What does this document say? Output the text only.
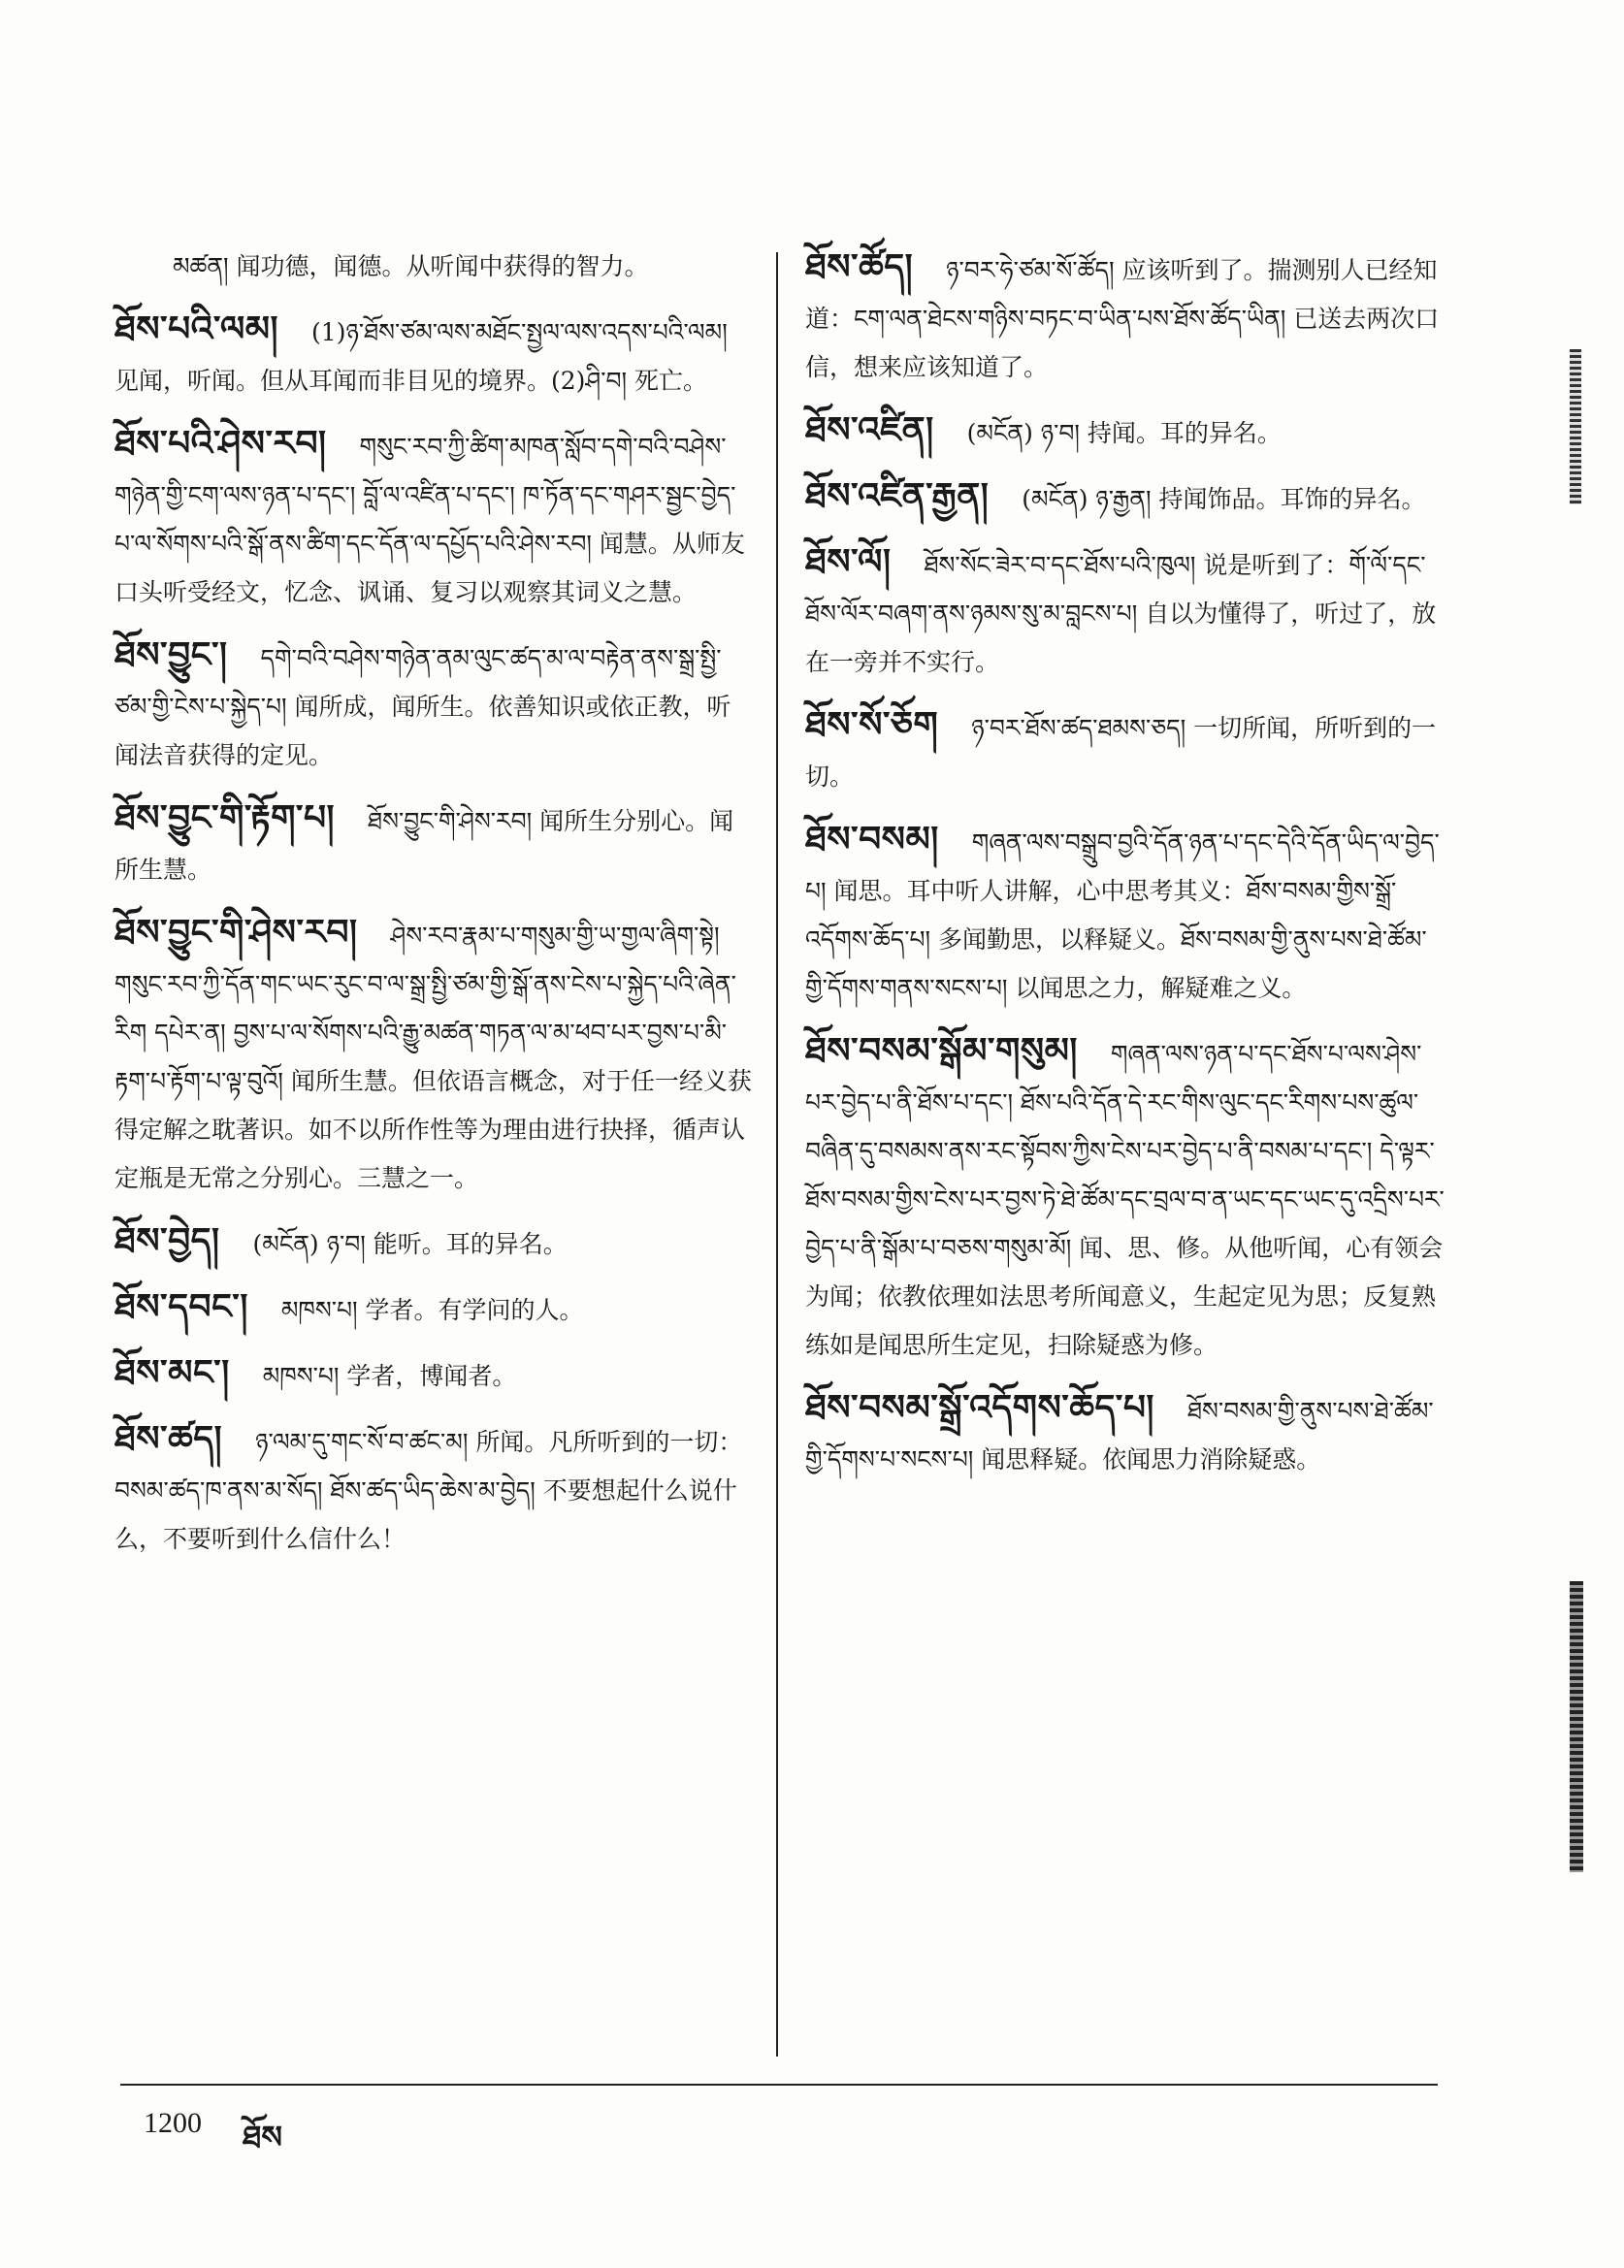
མཚན། 闻功德，闻德。从听闻中获得的智力。
ཐོས་པའི་ལམ། (1)ཉ་ཐོས་ཙམ་ལས་མཐོང་སྤྱལ་ལས་འདས་པའི་ལམ། 见闻，听闻。但从耳闻而非目见的境界。(2)ཤི་བ། 死亡。
ཐོས་པའི་ཤེས་རབ། གསུང་རབ་ཀྱི་ཚིག་མཁན་སློབ་དགེ་བའི་བཤེས་གཉེན་གྱི་ངག་ལས་ཉན་པ་དང་། བློ་ལ་འཛིན་པ་དང་། ཁ་ཏོན་དང་གཤར་སྦྱང་བྱེད་པ་ལ་སོགས་པའི་སྒོ་ནས་ཚིག་དང་དོན་ལ་དཔྱོད་པའི་ཤེས་རབ། 闻慧。从师友口头听受经文，忆念、讽诵、复习以观察其词义之慧。
ཐོས་བྱུང་། དགེ་བའི་བཤེས་གཉེན་ནམ་ལུང་ཚད་མ་ལ་བརྟེན་ནས་སྒྲ་སྤྱི་ཙམ་གྱི་ངེས་པ་སྐྱེད་པ། 闻所成，闻所生。依善知识或依正教，听闻法音获得的定见。
ཐོས་བྱུང་གི་རྟོག་པ། ཐོས་བྱུང་གི་ཤེས་རབ། 闻所生分别心。闻所生慧。
ཐོས་བྱུང་གི་ཤེས་རབ། ཤེས་རབ་རྣམ་པ་གསུམ་གྱི་ཡ་གྱལ་ཞིག་སྟེ། གསུང་རབ་ཀྱི་དོན་གང་ཡང་རུང་བ་ལ་སྒྲ་སྤྱི་ཙམ་གྱི་སྒོ་ནས་ངེས་པ་སྐྱེད་པའི་ཞེན་རིག དཔེར་ན། བྱས་པ་ལ་སོགས་པའི་རྒྱུ་མཚན་གཏན་ལ་མ་ཕབ་པར་བྱས་པ་མི་རྟག་པ་རྟོག་པ་ལྟ་བུའོ། 闻所生慧。但依语言概念，对于任一经义获得定解之耽著识。如不以所作性等为理由进行抉择，循声认定瓶是无常之分别心。三慧之一。
ཐོས་བྱེད། (མངོན) ཉ་བ། 能听。耳的异名。
ཐོས་དབང་། མཁས་པ། 学者。有学问的人。
ཐོས་མང་། མཁས་པ། 学者，博闻者。
ཐོས་ཚད། ཉ་ལམ་དུ་གང་སོ་བ་ཚང་མ། 所闻。凡所听到的一切：བསམ་ཚད་ཁ་ནས་མ་སོད། ཐོས་ཚད་ཡིད་ཆེས་མ་བྱེད། 不要想起什么说什么，不要听到什么信什么！
ཐོས་ཚོད། ཉ་བར་ཧེ་ཙམ་སོ་ཚོད། 应该听到了。揣测别人已经知道：ངག་ལན་ཐེངས་གཉིས་བཏང་བ་ཡིན་པས་ཐོས་ཚོད་ཡིན། 已送去两次口信，想来应该知道了。
ཐོས་འཛིན། (མངོན) ཉ་བ། 持闻。耳的异名。
ཐོས་འཛིན་རྒྱན། (མངོན) ཉ་རྒྱན། 持闻饰品。耳饰的异名。
ཐོས་ལོ། ཐོས་སོང་ཟེར་བ་དང་ཐོས་པའི་ཁུལ། 说是听到了：གོ་ལོ་དང་ཐོས་ལོར་བཞག་ནས་ཉམས་སུ་མ་བླངས་པ། 自以为懂得了，听过了，放在一旁并不实行。
ཐོས་སོ་ཅོག ཉ་བར་ཐོས་ཚད་ཐམས་ཅད། 一切所闻，所听到的一切。
ཐོས་བསམ། གཞན་ལས་བསྒྲུབ་བྱའི་དོན་ཉན་པ་དང་དེའི་དོན་ཡིད་ལ་བྱེད་པ། 闻思。耳中听人讲解，心中思考其义：ཐོས་བསམ་གྱིས་སྒྲོ་འདོགས་ཆོད་པ། 多闻勤思，以释疑义。ཐོས་བསམ་གྱི་ནུས་པས་ཐེ་ཚོམ་གྱི་དོགས་གནས་སངས་པ། 以闻思之力，解疑难之义。
ཐོས་བསམ་སྒོམ་གསུམ། གཞན་ལས་ཉན་པ་དང་ཐོས་པ་ལས་ཤེས་པར་བྱེད་པ་ནི་ཐོས་པ་དང་། ཐོས་པའི་དོན་དེ་རང་གིས་ལུང་དང་རིགས་པས་ཚུལ་བཞིན་དུ་བསམས་ནས་རང་སྟོབས་ཀྱིས་ངེས་པར་བྱེད་པ་ནི་བསམ་པ་དང་། དེ་ལྟར་ཐོས་བསམ་གྱིས་ངེས་པར་བྱས་ཏེ་ཐེ་ཚོམ་དང་བྲལ་བ་ན་ཡང་དང་ཡང་དུ་འདྲིས་པར་བྱེད་པ་ནི་སྒོམ་པ་བཅས་གསུམ་མོ། 闻、思、修。从他听闻，心有领会为闻；依教依理如法思考所闻意义，生起定见为思；反复熟练如是闻思所生定见，扫除疑惑为修。
ཐོས་བསམ་སྒྲོ་འདོགས་ཆོད་པ། ཐོས་བསམ་གྱི་ནུས་པས་ཐེ་ཚོམ་གྱི་དོགས་པ་སངས་པ། 闻思释疑。依闻思力消除疑惑。
1200 ཐོས
